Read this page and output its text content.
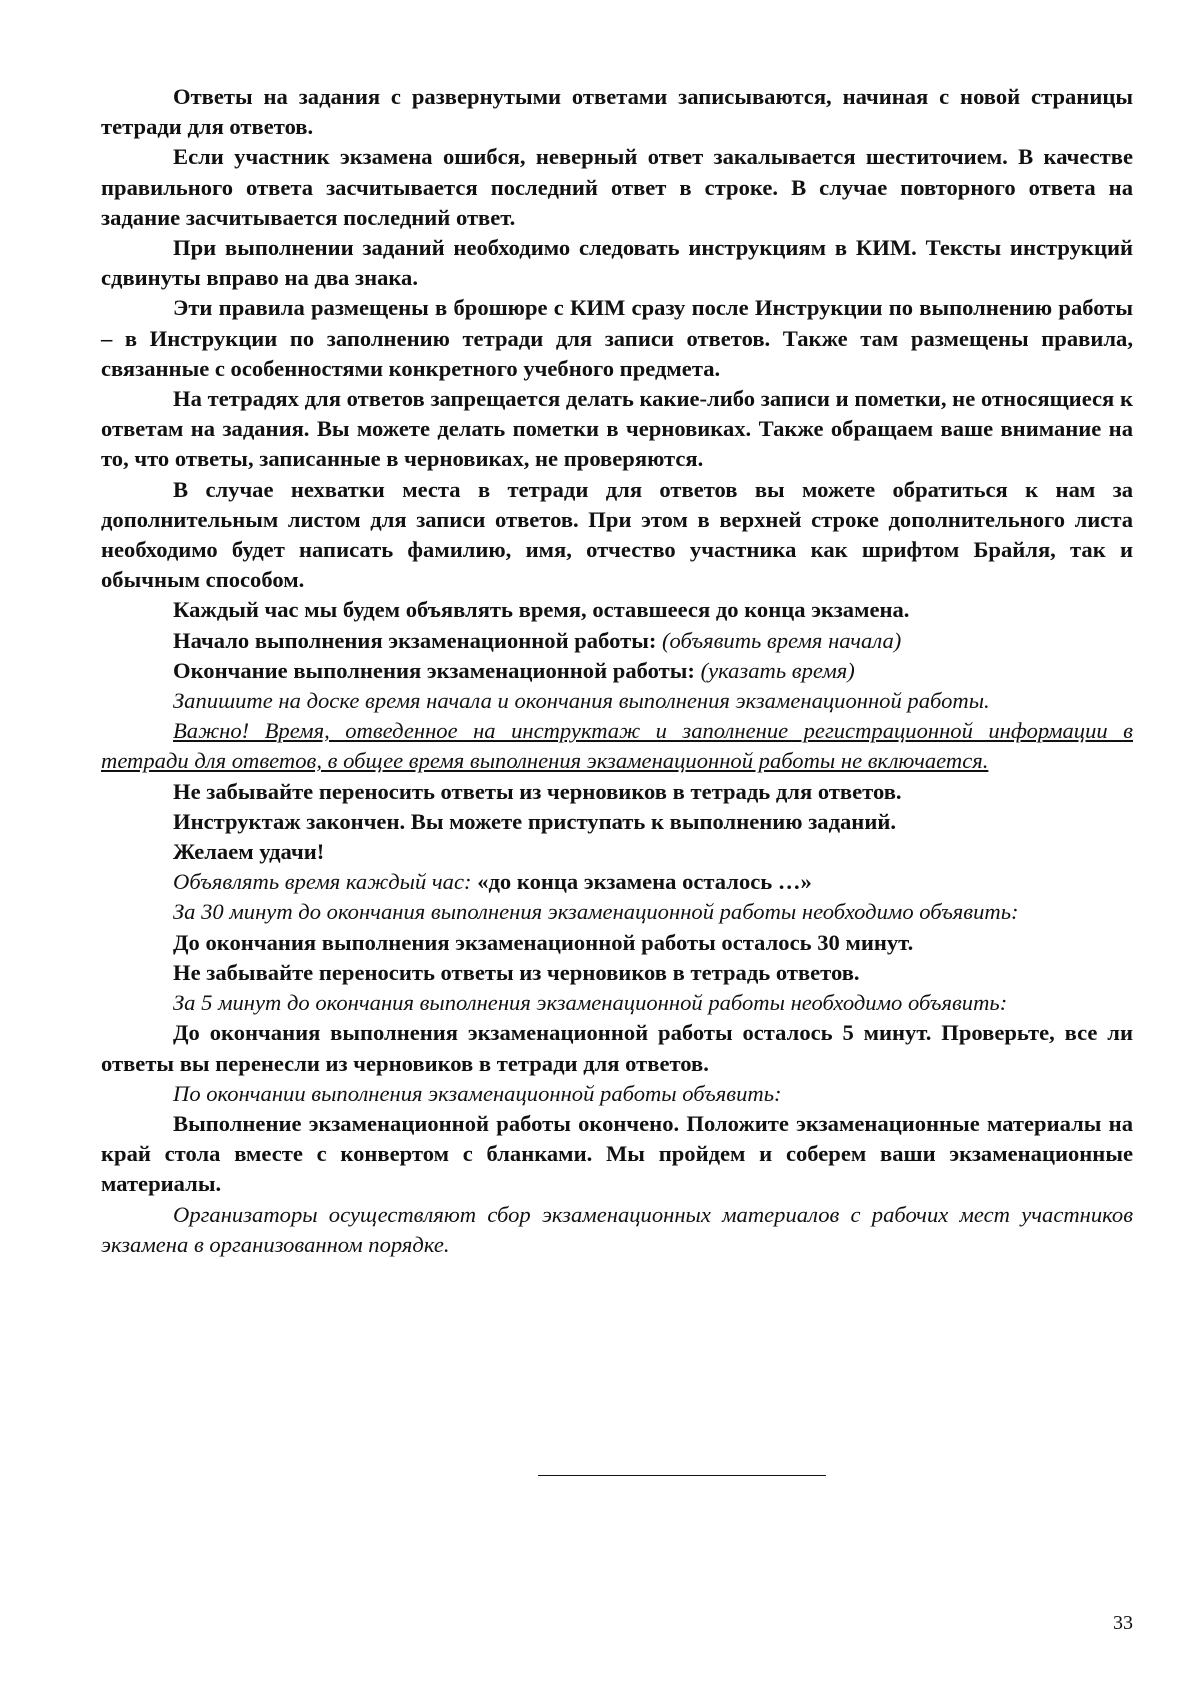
Ответы на задания с развернутыми ответами записываются, начиная с новой страницы тетради для ответов.

Если участник экзамена ошибся, неверный ответ закалывается шеститочием. В качестве правильного ответа засчитывается последний ответ в строке. В случае повторного ответа на задание засчитывается последний ответ.

При выполнении заданий необходимо следовать инструкциям в КИМ. Тексты инструкций сдвинуты вправо на два знака.

Эти правила размещены в брошюре с КИМ сразу после Инструкции по выполнению работы – в Инструкции по заполнению тетради для записи ответов. Также там размещены правила, связанные с особенностями конкретного учебного предмета.

На тетрадях для ответов запрещается делать какие-либо записи и пометки, не относящиеся к ответам на задания. Вы можете делать пометки в черновиках. Также обращаем ваше внимание на то, что ответы, записанные в черновиках, не проверяются.

В случае нехватки места в тетради для ответов вы можете обратиться к нам за дополнительным листом для записи ответов. При этом в верхней строке дополнительного листа необходимо будет написать фамилию, имя, отчество участника как шрифтом Брайля, так и обычным способом.

Каждый час мы будем объявлять время, оставшееся до конца экзамена.

Начало выполнения экзаменационной работы: (объявить время начала)

Окончание выполнения экзаменационной работы: (указать время)

Запишите на доске время начала и окончания выполнения экзаменационной работы.

Важно! Время, отведенное на инструктаж и заполнение регистрационной информации в тетради для ответов, в общее время выполнения экзаменационной работы не включается.

Не забывайте переносить ответы из черновиков в тетрадь для ответов.

Инструктаж закончен. Вы можете приступать к выполнению заданий.

Желаем удачи!

Объявлять время каждый час: «до конца экзамена осталось …»

За 30 минут до окончания выполнения экзаменационной работы необходимо объявить:

До окончания выполнения экзаменационной работы осталось 30 минут.

Не забывайте переносить ответы из черновиков в тетрадь ответов.

За 5 минут до окончания выполнения экзаменационной работы необходимо объявить:

До окончания выполнения экзаменационной работы осталось 5 минут. Проверьте, все ли ответы вы перенесли из черновиков в тетради для ответов.

По окончании выполнения экзаменационной работы объявить:

Выполнение экзаменационной работы окончено. Положите экзаменационные материалы на край стола вместе с конвертом с бланками. Мы пройдем и соберем ваши экзаменационные материалы.

Организаторы осуществляют сбор экзаменационных материалов с рабочих мест участников экзамена в организованном порядке.

33
